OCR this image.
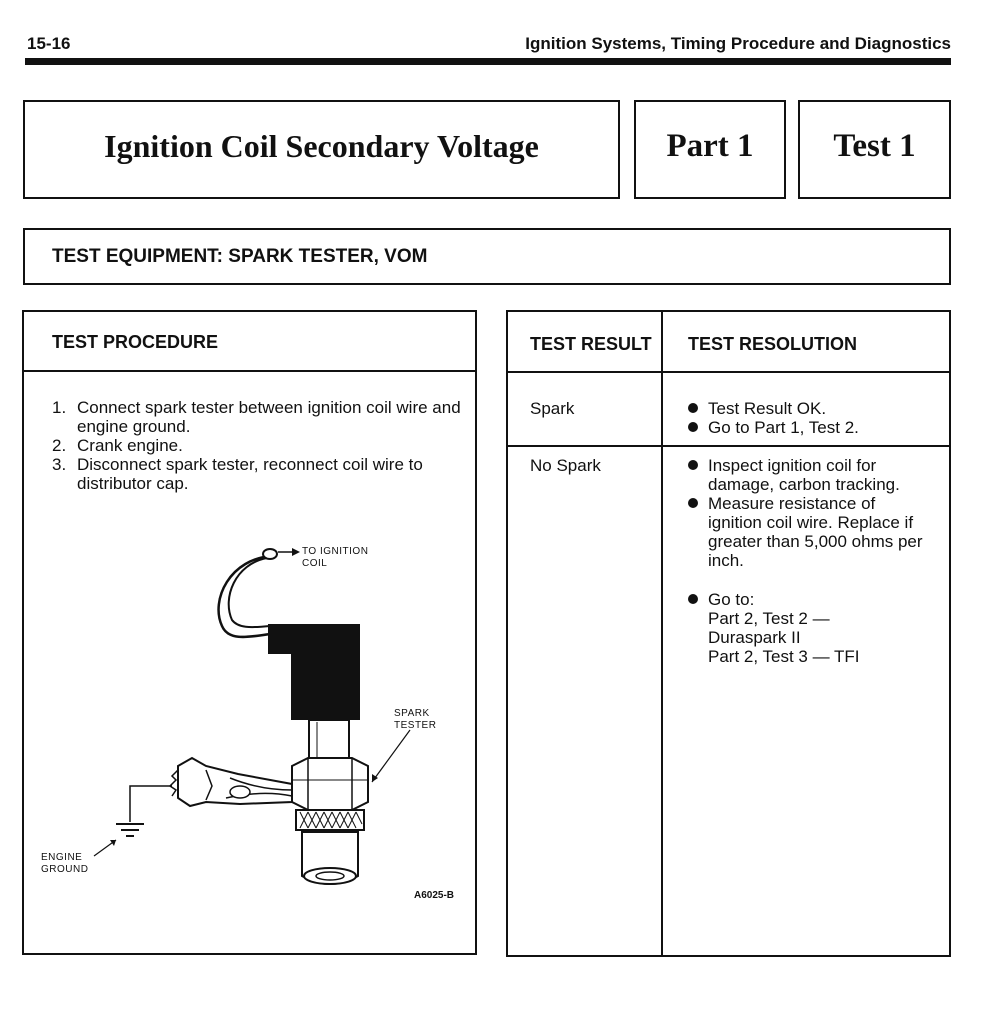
15-16	Ignition Systems, Timing Procedure and Diagnostics
Ignition Coil Secondary Voltage	Part 1	Test 1
TEST EQUIPMENT: SPARK TESTER, VOM
TEST PROCEDURE
1. Connect spark tester between ignition coil wire and engine ground.
2. Crank engine.
3. Disconnect spark tester, reconnect coil wire to distributor cap.
TO IGNITION
COIL
SPARK
TESTER
ENGINE
GROUND
A6025-B
TEST RESULT TEST RESOLUTION
Spark	Test Result OK.
Go to Part 1, Test 2.
No Spark	Inspect ignition coil for damage, carbon tracking.
Measure resistance of ignition coil wire. Replace if greater than 5,000 ohms per inch.
Go to:
Part 2, Test 2 —
Duraspark II
Part 2, Test 3 — TFI
